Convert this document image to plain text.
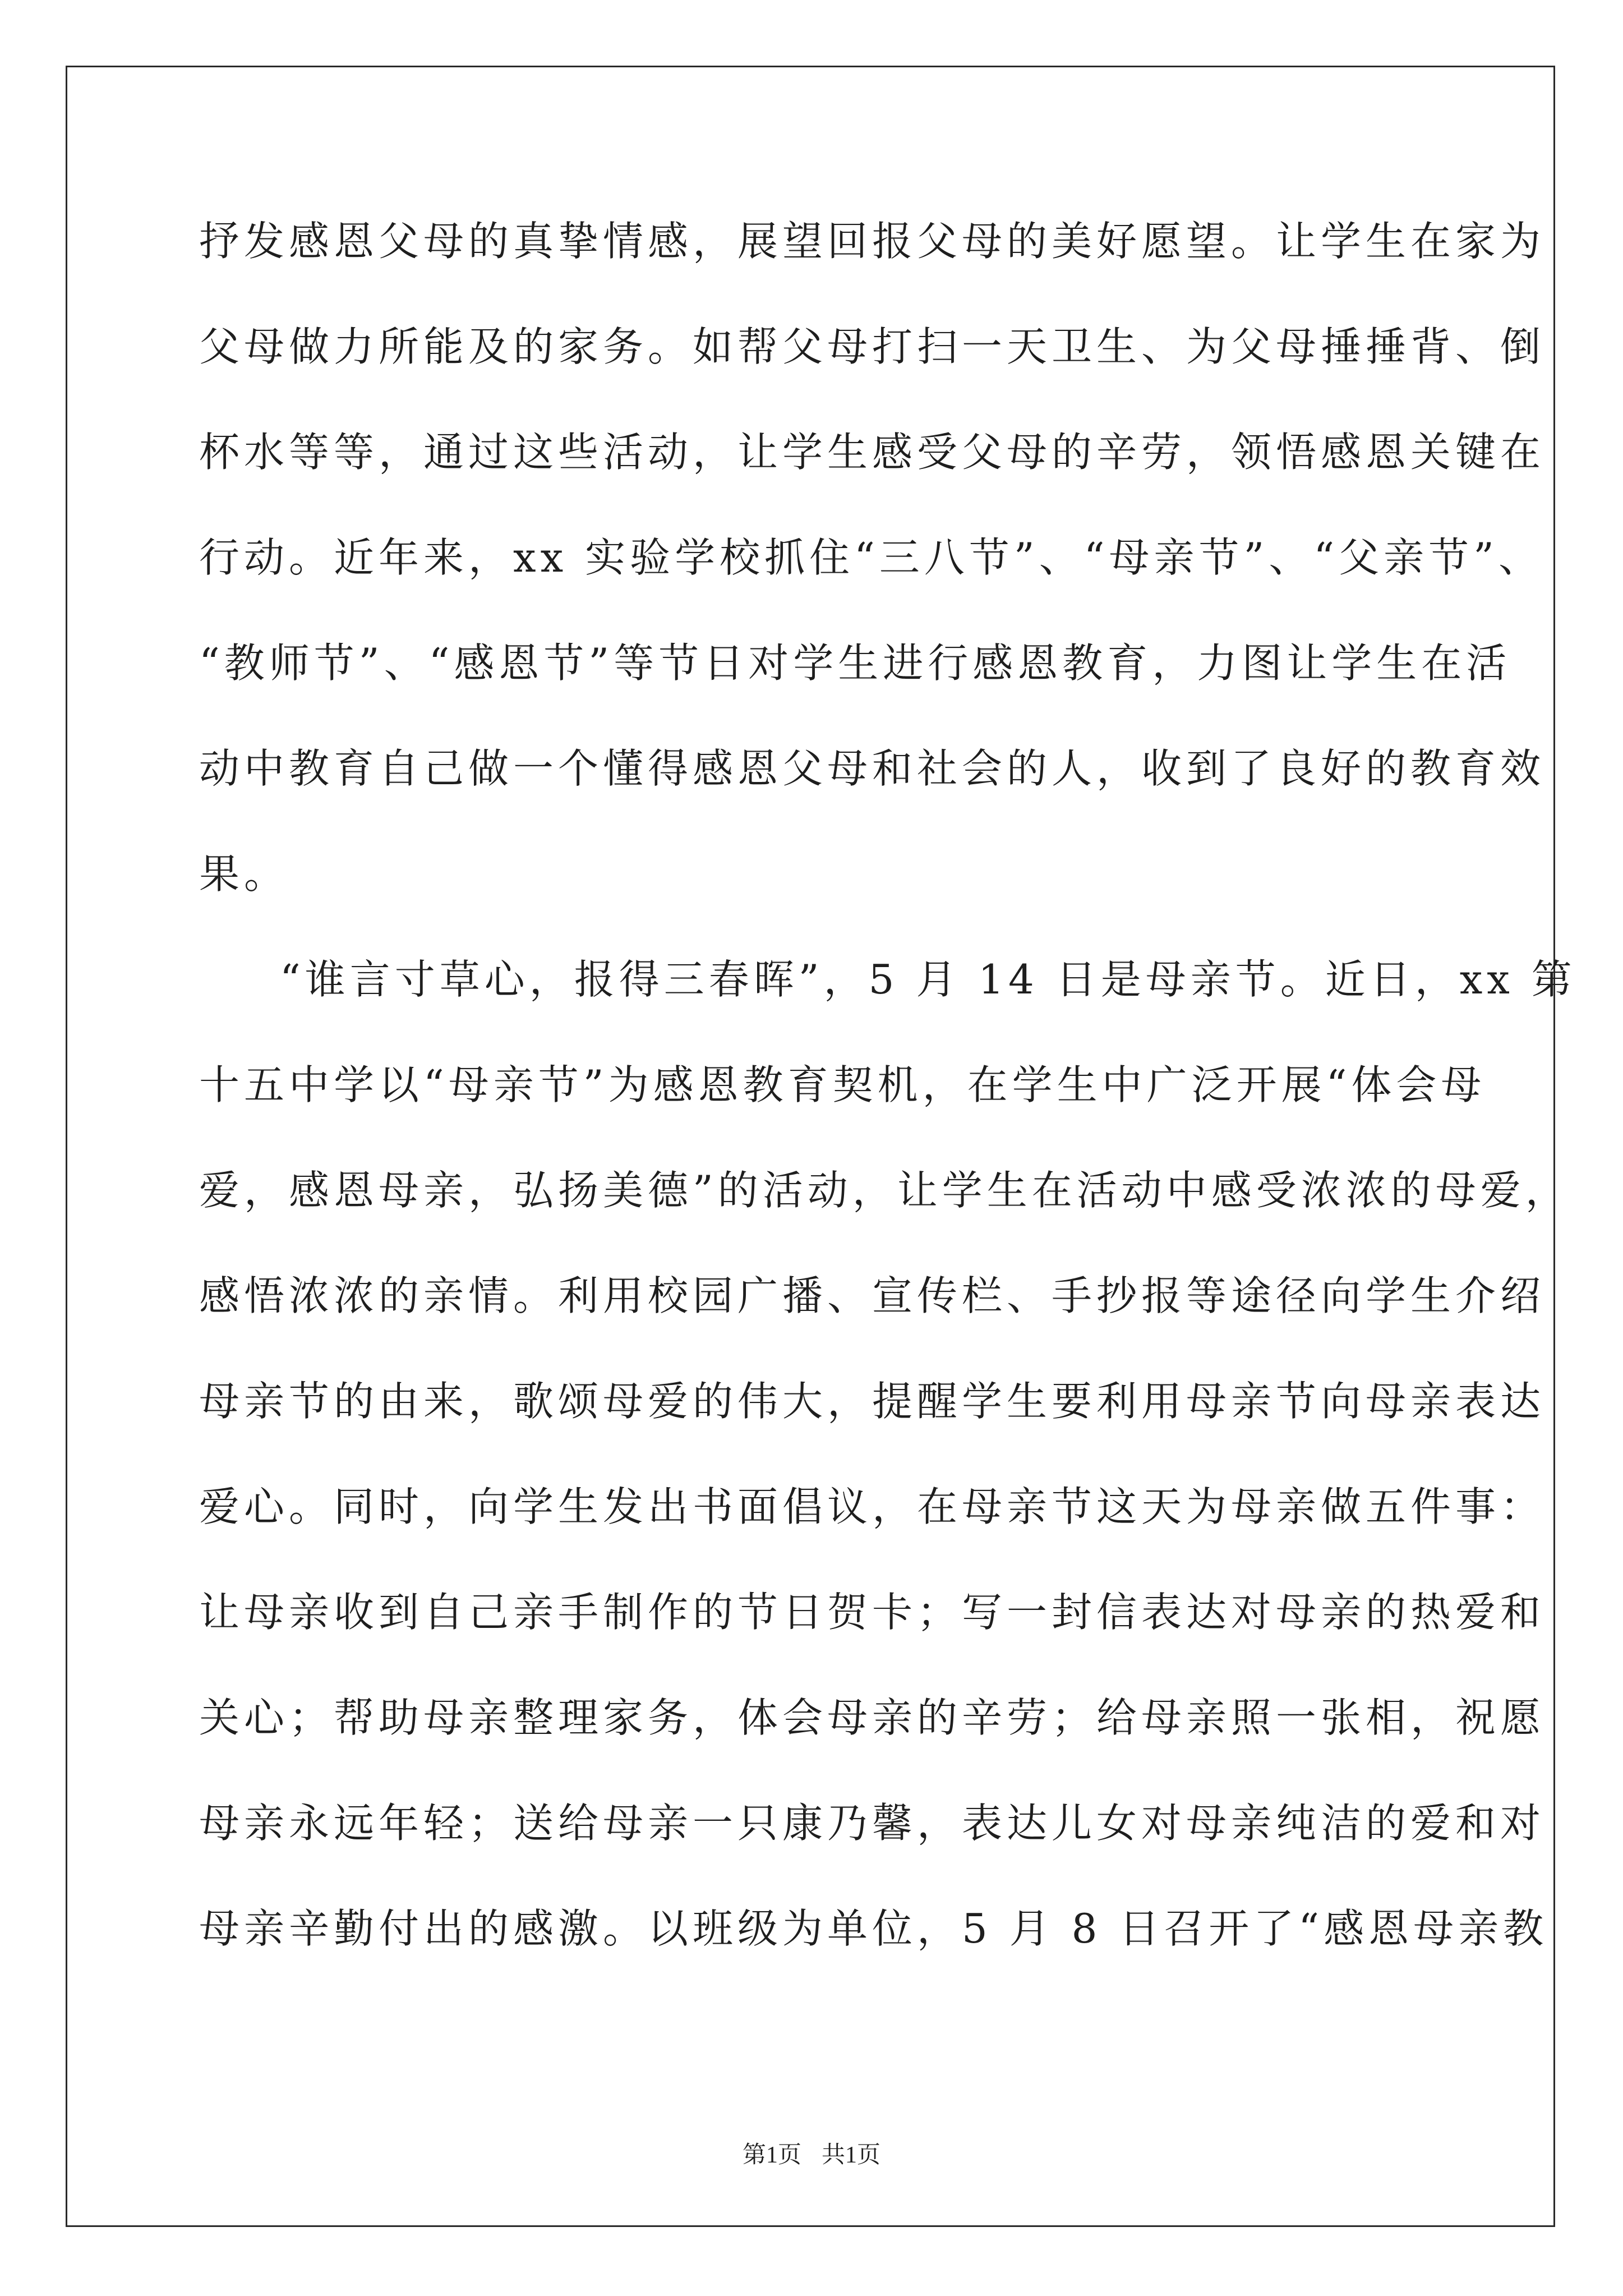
抒发感恩父母的真挚情感，展望回报父母的美好愿望。让学生在家为
父母做力所能及的家务。如帮父母打扫一天卫生、为父母捶捶背、倒
杯水等等，通过这些活动，让学生感受父母的辛劳，领悟感恩关键在
行动。近年来，xx 实验学校抓住“三八节”、“母亲节”、“父亲节”、
“教师节”、“感恩节”等节日对学生进行感恩教育，力图让学生在活
动中教育自己做一个懂得感恩父母和社会的人，收到了良好的教育效
果。
“谁言寸草心，报得三春晖”，5 月 14 日是母亲节。近日，xx 第
十五中学以“母亲节”为感恩教育契机，在学生中广泛开展“体会母
爱，感恩母亲，弘扬美德”的活动，让学生在活动中感受浓浓的母爱，
感悟浓浓的亲情。利用校园广播、宣传栏、手抄报等途径向学生介绍
母亲节的由来，歌颂母爱的伟大，提醒学生要利用母亲节向母亲表达
爱心。同时，向学生发出书面倡议，在母亲节这天为母亲做五件事：
让母亲收到自己亲手制作的节日贺卡；写一封信表达对母亲的热爱和
关心；帮助母亲整理家务，体会母亲的辛劳；给母亲照一张相，祝愿
母亲永远年轻；送给母亲一只康乃馨，表达儿女对母亲纯洁的爱和对
母亲辛勤付出的感激。以班级为单位，5 月 8 日召开了“感恩母亲教
第1页 共1页
